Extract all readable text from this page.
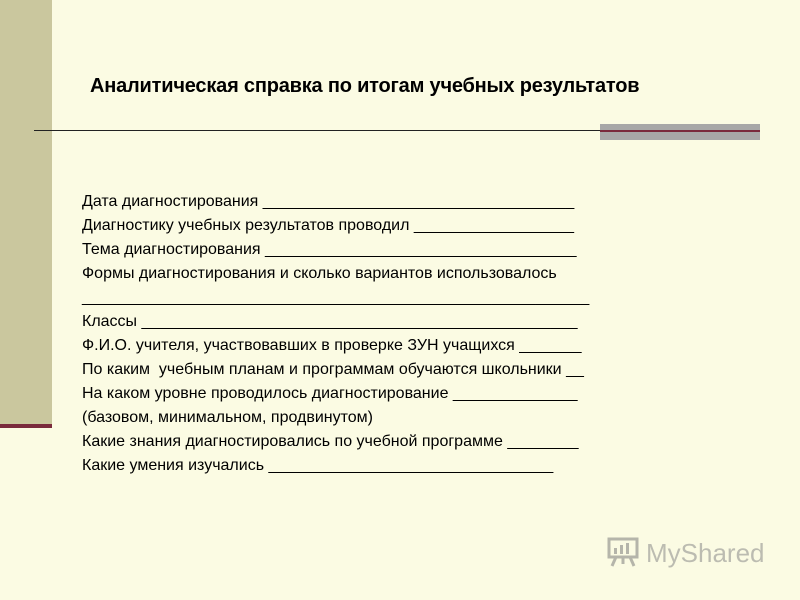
Аналитическая справка по итогам учебных результатов
Дата диагностирования ___________________________________
Диагностику учебных результатов проводил __________________
Тема диагностирования ___________________________________
Формы диагностирования и сколько вариантов использовалось
_________________________________________________________
Классы _________________________________________________
Ф.И.О. учителя, участвовавших в проверке ЗУН учащихся _______
По каким  учебным планам и программам обучаются школьники __
На каком уровне проводилось диагностирование ______________
(базовом, минимальном, продвинутом)
Какие знания диагностировались по учебной программе ________
Какие умения изучались ________________________________
MyShared
